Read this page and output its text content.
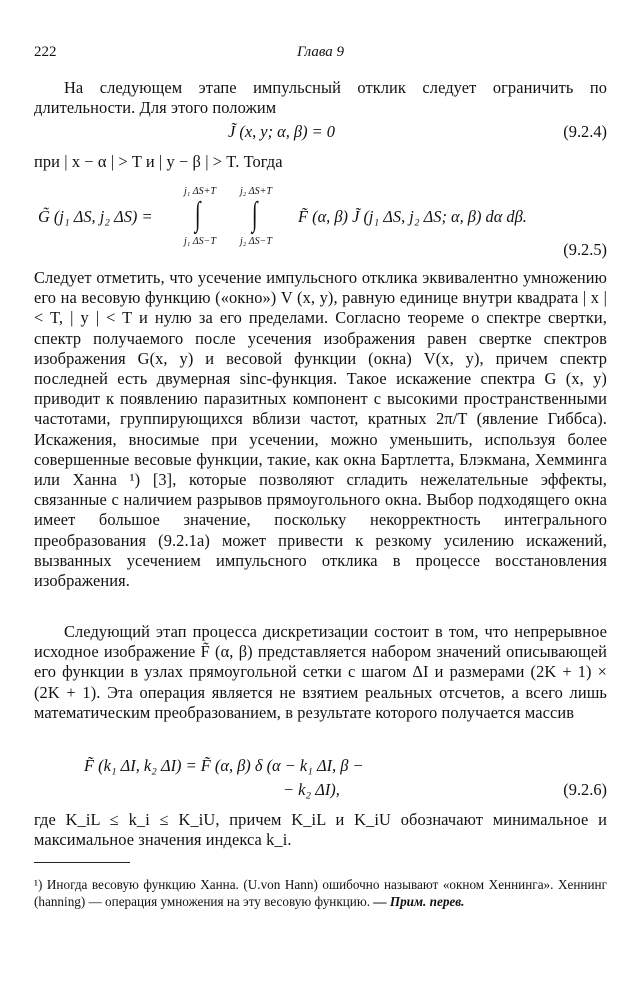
222	Глава 9
На следующем этапе импульсный отклик следует ограничить по длительности. Для этого положим
J̃ (x, y; α, β) = 0	(9.2.4)
при | x − α | > T и | y − β | > T. Тогда
G̃ (j₁ ΔS, j₂ ΔS) =
j₁ ΔS+T
∫
j₁ ΔS−T
j₂ ΔS+T
∫
j₂ ΔS−T
F̃ (α, β) J̃ (j₁ ΔS, j₂ ΔS; α, β) dα dβ.
(9.2.5)
Следует отметить, что усечение импульсного отклика эквивалентно умножению его на весовую функцию («окно») V (x, y), равную единице внутри квадрата | x | < T, | y | < T и нулю за его пределами. Согласно теореме о спектре свертки, спектр получаемого после усечения изображения равен свертке спектров изображения G(x, y) и весовой функции (окна) V(x, y), причем спектр последней есть двумерная sinc-функция. Такое искажение спектра G (x, y) приводит к появлению паразитных компонент с высокими пространственными частотами, группирующихся вблизи частот, кратных 2π/T (явление Гиббса). Искажения, вносимые при усечении, можно уменьшить, используя более совершенные весовые функции, такие, как окна Бартлетта, Блэкмана, Хемминга или Ханна ¹) [3], которые позволяют сгладить нежелательные эффекты, связанные с наличием разрывов прямоугольного окна. Выбор подходящего окна имеет большое значение, поскольку некорректность интегрального преобразования (9.2.1а) может привести к резкому усилению искажений, вызванных усечением импульсного отклика в процессе восстановления изображения.
Следующий этап процесса дискретизации состоит в том, что непрерывное исходное изображение F̃ (α, β) представляется набором значений описывающей его функции в узлах прямоугольной сетки с шагом ΔI и размерами (2K + 1) × (2K + 1). Эта операция является не взятием реальных отсчетов, а всего лишь математическим преобразованием, в результате которого получается массив
F̃ (k₁ ΔI, k₂ ΔI) = F̃ (α, β) δ (α − k₁ ΔI, β −
− k₂ ΔI),	(9.2.6)
где K_iL ≤ k_i ≤ K_iU, причем K_iL и K_iU обозначают минимальное и максимальное значения индекса k_i.
¹) Иногда весовую функцию Ханна. (U.von Hann) ошибочно называют «окном Хеннинга». Хеннинг (hanning) — операция умножения на эту весовую функцию. — Прим. перев.
